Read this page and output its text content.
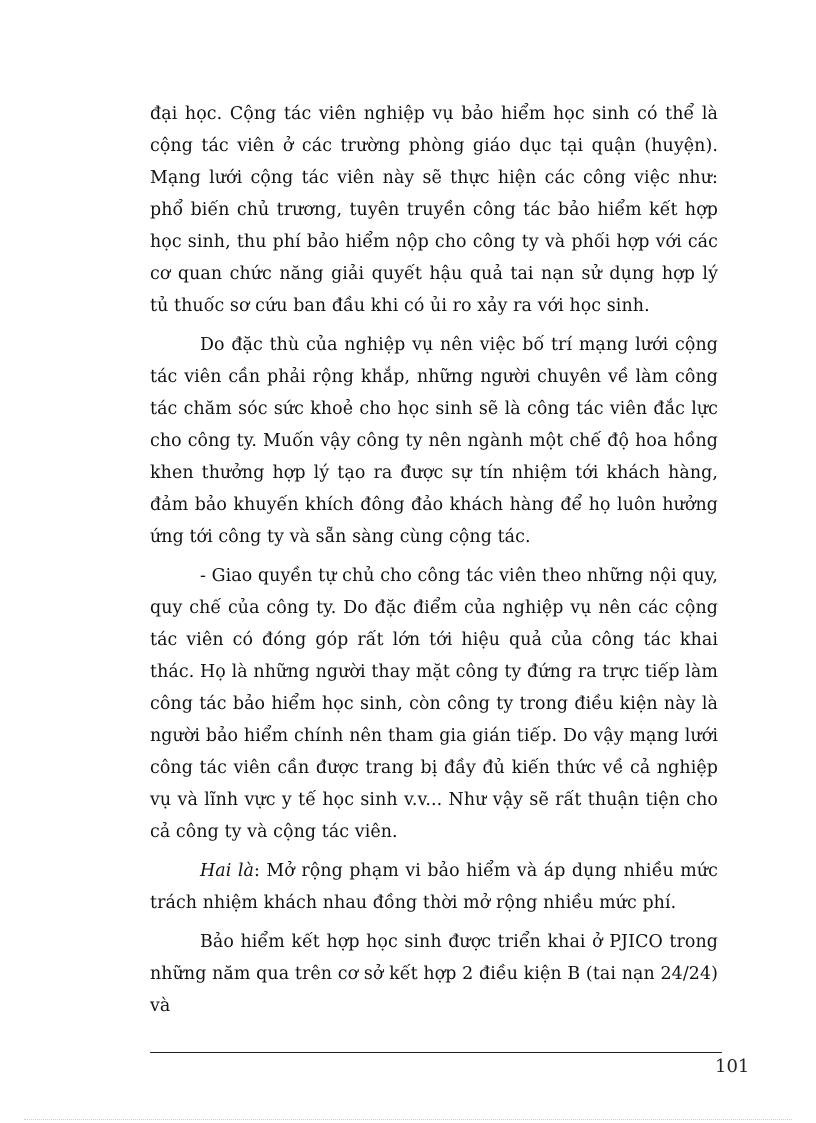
đại học. Cộng tác viên nghiệp vụ bảo hiểm học sinh có thể là cộng tác viên ở các trường phòng giáo dục tại quận (huyện). Mạng lưới cộng tác viên này sẽ thực hiện các công việc như: phổ biến chủ trương, tuyên truyền công tác bảo hiểm kết hợp học sinh, thu phí bảo hiểm nộp cho công ty và phối hợp với các cơ quan chức năng giải quyết hậu quả tai nạn sử dụng hợp lý tủ thuốc sơ cứu ban đầu khi có ủi ro xảy ra với học sinh.

Do đặc thù của nghiệp vụ nên việc bố trí mạng lưới cộng tác viên cần phải rộng khắp, những người chuyên về làm công tác chăm sóc sức khoẻ cho học sinh sẽ là công tác viên đắc lực cho công ty. Muốn vậy công ty nên ngành một chế độ hoa hồng khen thưởng hợp lý tạo ra được sự tín nhiệm tới khách hàng, đảm bảo khuyến khích đông đảo khách hàng để họ luôn hưởng ứng tới công ty và sẵn sàng cùng cộng tác.

- Giao quyền tự chủ cho công tác viên theo những nội quy, quy chế của công ty. Do đặc điểm của nghiệp vụ nên các cộng tác viên có đóng góp rất lớn tới hiệu quả của công tác khai thác. Họ là những người thay mặt công ty đứng ra trực tiếp làm công tác bảo hiểm học sinh, còn công ty trong điều kiện này là người bảo hiểm chính nên tham gia gián tiếp. Do vậy mạng lưới công tác viên cần được trang bị đầy đủ kiến thức về cả nghiệp vụ và lĩnh vực y tế học sinh v.v... Như vậy sẽ rất thuận tiện cho cả công ty và cộng tác viên.

Hai là: Mở rộng phạm vi bảo hiểm và áp dụng nhiều mức trách nhiệm khách nhau đồng thời mở rộng nhiều mức phí.

Bảo hiểm kết hợp học sinh được triển khai ở PJICO trong những năm qua trên cơ sở kết hợp 2 điều kiện B (tai nạn 24/24) và

101
